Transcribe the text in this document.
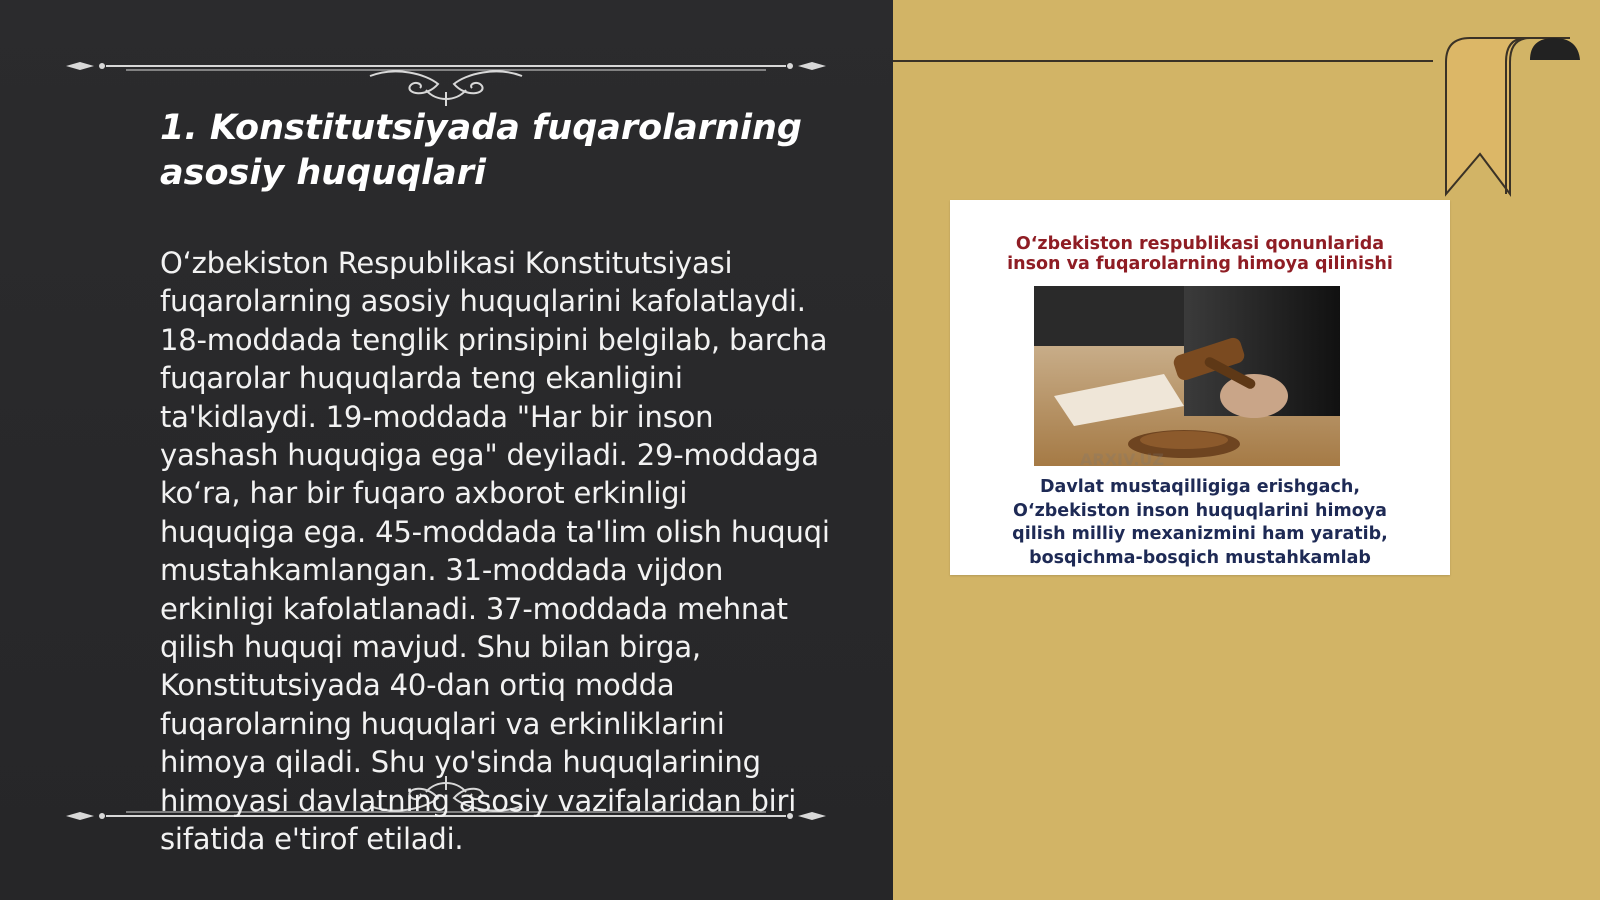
1. Konstitutsiyada fuqarolarning asosiy huquqlari

O‘zbekiston Respublikasi Konstitutsiyasi fuqarolarning asosiy huquqlarini kafolatlaydi. 18-moddada tenglik prinsipini belgilab, barcha fuqarolar huquqlarda teng ekanligini ta'kidlaydi. 19-moddada "Har bir inson yashash huquqiga ega" deyiladi. 29-moddaga ko‘ra, har bir fuqaro axborot erkinligi huquqiga ega. 45-moddada ta'lim olish huquqi mustahkamlangan. 31-moddada vijdon erkinligi kafolatlanadi. 37-moddada mehnat qilish huquqi mavjud. Shu bilan birga, Konstitutsiyada 40-dan ortiq modda fuqarolarning huquqlari va erkinliklarini himoya qiladi. Shu yo'sinda huquqlarining himoyasi davlatning asosiy vazifalaridan biri sifatida e'tirof etiladi.

O‘zbekiston respublikasi qonunlarida
inson va fuqarolarning himoya qilinishi
ARXIV.UZ
Davlat mustaqilligiga erishgach,
O‘zbekiston inson huquqlarini himoya
qilish milliy mexanizmini ham yaratib,
bosqichma-bosqich mustahkamlab
